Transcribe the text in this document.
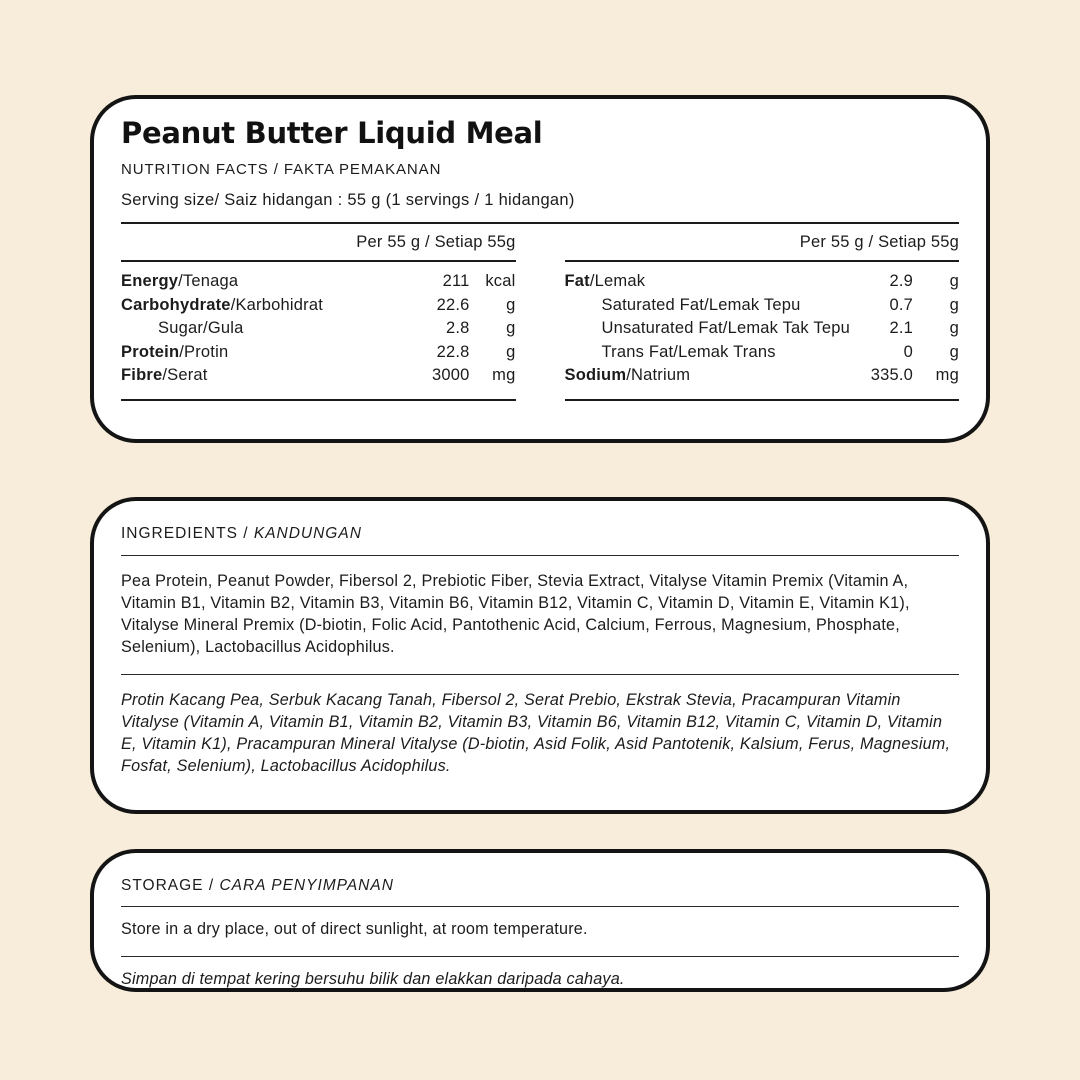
Peanut Butter Liquid Meal
NUTRITION FACTS / FAKTA PEMAKANAN
Serving size/ Saiz hidangan : 55 g (1 servings / 1 hidangan)
Per 55 g / Setiap 55g
Energy/Tenaga	211 kcal
Carbohydrate/Karbohidrat	22.6	g
Sugar/Gula	2.8	g
Protein/Protin	22.8	g
Fibre/Serat	3000	mg
Per 55 g / Setiap 55g
Fat/Lemak	2.9	g
Saturated Fat/Lemak Tepu	0.7	g
Unsaturated Fat/Lemak Tak Tepu	2.1	g
Trans Fat/Lemak Trans	0	g
Sodium/Natrium	335.0	mg
INGREDIENTS / KANDUNGAN

Pea Protein, Peanut Powder, Fibersol 2, Prebiotic Fiber, Stevia Extract, Vitalyse Vitamin Premix (Vitamin A, Vitamin B1, Vitamin B2, Vitamin B3, Vitamin B6, Vitamin B12, Vitamin C, Vitamin D, Vitamin E, Vitamin K1), Vitalyse Mineral Premix (D-biotin, Folic Acid, Pantothenic Acid, Calcium, Ferrous, Magnesium, Phosphate, Selenium), Lactobacillus Acidophilus.

Protin Kacang Pea, Serbuk Kacang Tanah, Fibersol 2, Serat Prebio, Ekstrak Stevia, Pracampuran Vitamin Vitalyse (Vitamin A, Vitamin B1, Vitamin B2, Vitamin B3, Vitamin B6, Vitamin B12, Vitamin C, Vitamin D, Vitamin E, Vitamin K1), Pracampuran Mineral Vitalyse (D-biotin, Asid Folik, Asid Pantotenik, Kalsium, Ferus, Magnesium, Fosfat, Selenium), Lactobacillus Acidophilus.

STORAGE / CARA PENYIMPANAN

Store in a dry place, out of direct sunlight, at room temperature.

Simpan di tempat kering bersuhu bilik dan elakkan daripada cahaya.
